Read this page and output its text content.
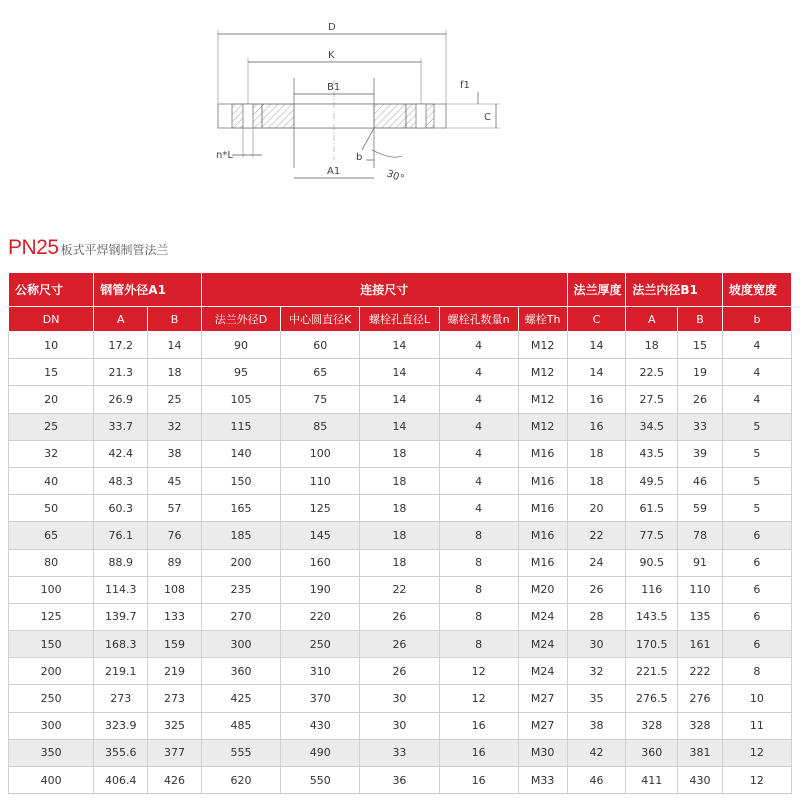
D
K
B1	f1
C
n*L	b
A1	30°
PN25 板式平焊钢制管法兰
公称尺寸	钢管外径A1		连接尺寸					法兰厚度	法兰内径B1		坡度宽度
DN	A	B	法兰外径D	中心圆直径K	螺栓孔直径L	螺栓孔数量n	螺栓Th	C	A	B	b
10	17.2	14	90	60	14	4	M12	14	18	15	4
15	21.3	18	95	65	14	4	M12	14	22.5	19	4
20	26.9	25	105	75	14	4	M12	16	27.5	26	4
25	33.7	32	115	85	14	4	M12	16	34.5	33	5
32	42.4	38	140	100	18	4	M16	18	43.5	39	5
40	48.3	45	150	110	18	4	M16	18	49.5	46	5
50	60.3	57	165	125	18	4	M16	20	61.5	59	5
65	76.1	76	185	145	18	8	M16	22	77.5	78	6
80	88.9	89	200	160	18	8	M16	24	90.5	91	6
100	114.3	108	235	190	22	8	M20	26	116	110	6
125	139.7	133	270	220	26	8	M24	28	143.5	135	6
150	168.3	159	300	250	26	8	M24	30	170.5	161	6
200	219.1	219	360	310	26	12	M24	32	221.5	222	8
250	273	273	425	370	30	12	M27	35	276.5	276	10
300	323.9	325	485	430	30	16	M27	38	328	328	11
350	355.6	377	555	490	33	16	M30	42	360	381	12
400	406.4	426	620	550	36	16	M33	46	411	430	12
